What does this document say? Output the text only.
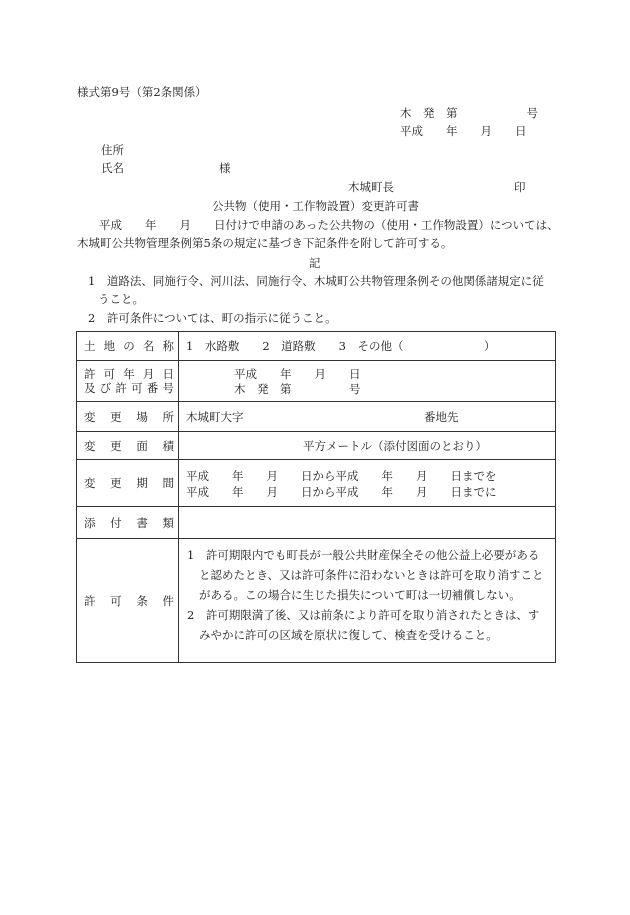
様式第9号（第2条関係）
木　発　第　　　　　　号
平成　　年　　月　　日
住所
氏名	様
木城町長	印
公共物（使用・工作物設置）変更許可書
平成　　年　　月　　日付けで申請のあった公共物の（使用・工作物設置）については、
木城町公共物管理条例第5条の規定に基づき下記条件を附して許可する。
記
1　道路法、同施行令、河川法、同施行令、木城町公共物管理条例その他関係諸規定に従
うこと。
2　許可条件については、町の指示に従うこと。
土地の名称 1　水路敷　　2　道路敷　　3　その他（　　　　　　　）
許可年月日
及び許可番号
平成　　年　　月　　日
木　発　第　　　　　号
変更場所 木城町大字	番地先
変更面積	平方メートル（添付図面のとおり）
変更期間 平成　　年　　月　　日から平成　　年　　月　　日までを
平成　　年　　月　　日から平成　　年　　月　　日までに
添付書類
許可条件

1　許可期限内でも町長が一般公共財産保全その他公益上必要がある

と認めたとき、又は許可条件に沿わないときは許可を取り消すこと

がある。この場合に生じた損失について町は一切補償しない。

2　許可期限満了後、又は前条により許可を取り消されたときは、す

みやかに許可の区域を原状に復して、検査を受けること。
